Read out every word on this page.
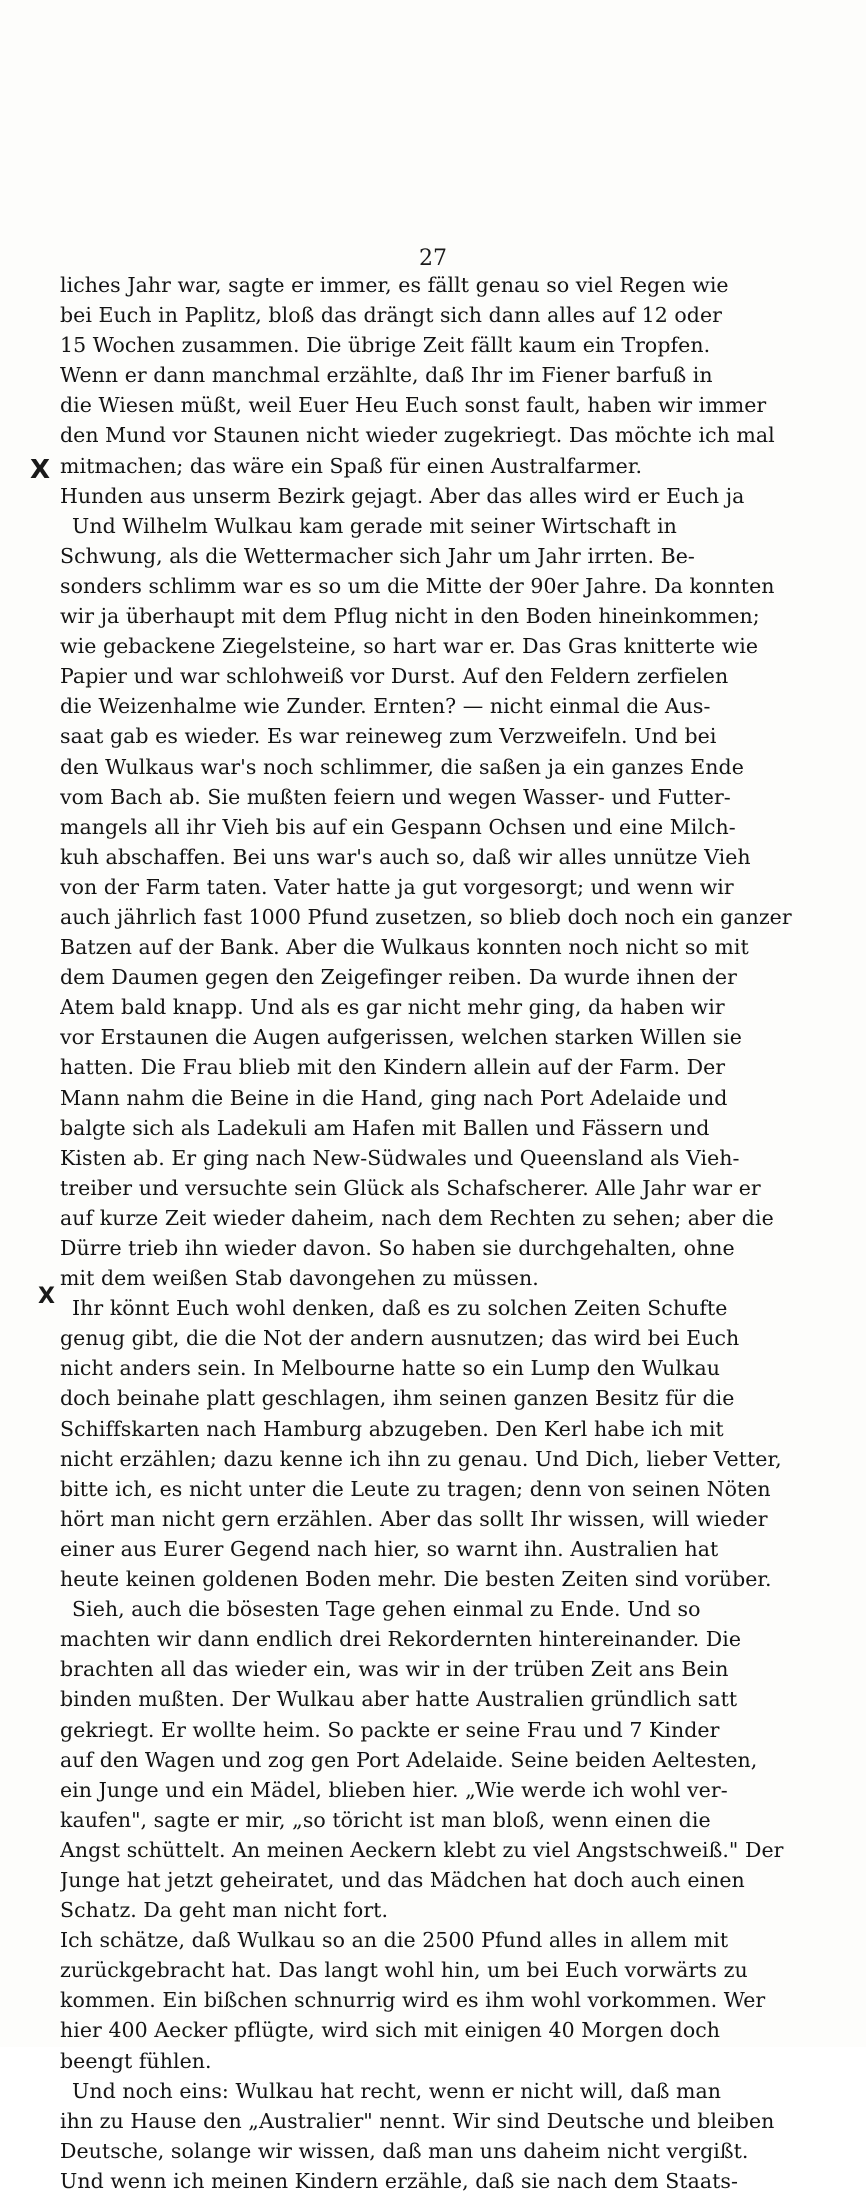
27
X
X
liches Jahr war, sagte er immer, es fällt genau so viel Regen wie
bei Euch in Paplitz, bloß das drängt sich dann alles auf 12 oder
15 Wochen zusammen. Die übrige Zeit fällt kaum ein Tropfen.
Wenn er dann manchmal erzählte, daß Ihr im Fiener barfuß in
die Wiesen müßt, weil Euer Heu Euch sonst fault, haben wir immer
den Mund vor Staunen nicht wieder zugekriegt. Das möchte ich mal
mitmachen; das wäre ein Spaß für einen Australfarmer.
Hunden aus unserm Bezirk gejagt. Aber das alles wird er Euch ja
Und Wilhelm Wulkau kam gerade mit seiner Wirtschaft in
Schwung, als die Wettermacher sich Jahr um Jahr irrten. Be-
sonders schlimm war es so um die Mitte der 90er Jahre. Da konnten
wir ja überhaupt mit dem Pflug nicht in den Boden hineinkommen;
wie gebackene Ziegelsteine, so hart war er. Das Gras knitterte wie
Papier und war schlohweiß vor Durst. Auf den Feldern zerfielen
die Weizenhalme wie Zunder. Ernten? — nicht einmal die Aus-
saat gab es wieder. Es war reineweg zum Verzweifeln. Und bei
den Wulkaus war's noch schlimmer, die saßen ja ein ganzes Ende
vom Bach ab. Sie mußten feiern und wegen Wasser- und Futter-
mangels all ihr Vieh bis auf ein Gespann Ochsen und eine Milch-
kuh abschaffen. Bei uns war's auch so, daß wir alles unnütze Vieh
von der Farm taten. Vater hatte ja gut vorgesorgt; und wenn wir
auch jährlich fast 1000 Pfund zusetzen, so blieb doch noch ein ganzer
Batzen auf der Bank. Aber die Wulkaus konnten noch nicht so mit
dem Daumen gegen den Zeigefinger reiben. Da wurde ihnen der
Atem bald knapp. Und als es gar nicht mehr ging, da haben wir
vor Erstaunen die Augen aufgerissen, welchen starken Willen sie
hatten. Die Frau blieb mit den Kindern allein auf der Farm. Der
Mann nahm die Beine in die Hand, ging nach Port Adelaide und
balgte sich als Ladekuli am Hafen mit Ballen und Fässern und
Kisten ab. Er ging nach New-Südwales und Queensland als Vieh-
treiber und versuchte sein Glück als Schafscherer. Alle Jahr war er
auf kurze Zeit wieder daheim, nach dem Rechten zu sehen; aber die
Dürre trieb ihn wieder davon. So haben sie durchgehalten, ohne
mit dem weißen Stab davongehen zu müssen.
Ihr könnt Euch wohl denken, daß es zu solchen Zeiten Schufte
genug gibt, die die Not der andern ausnutzen; das wird bei Euch
nicht anders sein. In Melbourne hatte so ein Lump den Wulkau
doch beinahe platt geschlagen, ihm seinen ganzen Besitz für die
Schiffskarten nach Hamburg abzugeben. Den Kerl habe ich mit
nicht erzählen; dazu kenne ich ihn zu genau. Und Dich, lieber Vetter,
bitte ich, es nicht unter die Leute zu tragen; denn von seinen Nöten
hört man nicht gern erzählen. Aber das sollt Ihr wissen, will wieder
einer aus Eurer Gegend nach hier, so warnt ihn. Australien hat
heute keinen goldenen Boden mehr. Die besten Zeiten sind vorüber.
Sieh, auch die bösesten Tage gehen einmal zu Ende. Und so
machten wir dann endlich drei Rekordernten hintereinander. Die
brachten all das wieder ein, was wir in der trüben Zeit ans Bein
binden mußten. Der Wulkau aber hatte Australien gründlich satt
gekriegt. Er wollte heim. So packte er seine Frau und 7 Kinder
auf den Wagen und zog gen Port Adelaide. Seine beiden Aeltesten,
ein Junge und ein Mädel, blieben hier. „Wie werde ich wohl ver-
kaufen", sagte er mir, „so töricht ist man bloß, wenn einen die
Angst schüttelt. An meinen Aeckern klebt zu viel Angstschweiß." Der
Junge hat jetzt geheiratet, und das Mädchen hat doch auch einen
Schatz. Da geht man nicht fort.
Ich schätze, daß Wulkau so an die 2500 Pfund alles in allem mit
zurückgebracht hat. Das langt wohl hin, um bei Euch vorwärts zu
kommen. Ein bißchen schnurrig wird es ihm wohl vorkommen. Wer
hier 400 Aecker pflügte, wird sich mit einigen 40 Morgen doch
beengt fühlen.
Und noch eins: Wulkau hat recht, wenn er nicht will, daß man
ihn zu Hause den „Australier" nennt. Wir sind Deutsche und bleiben
Deutsche, solange wir wissen, daß man uns daheim nicht vergißt.
Und wenn ich meinen Kindern erzähle, daß sie nach dem Staats-
